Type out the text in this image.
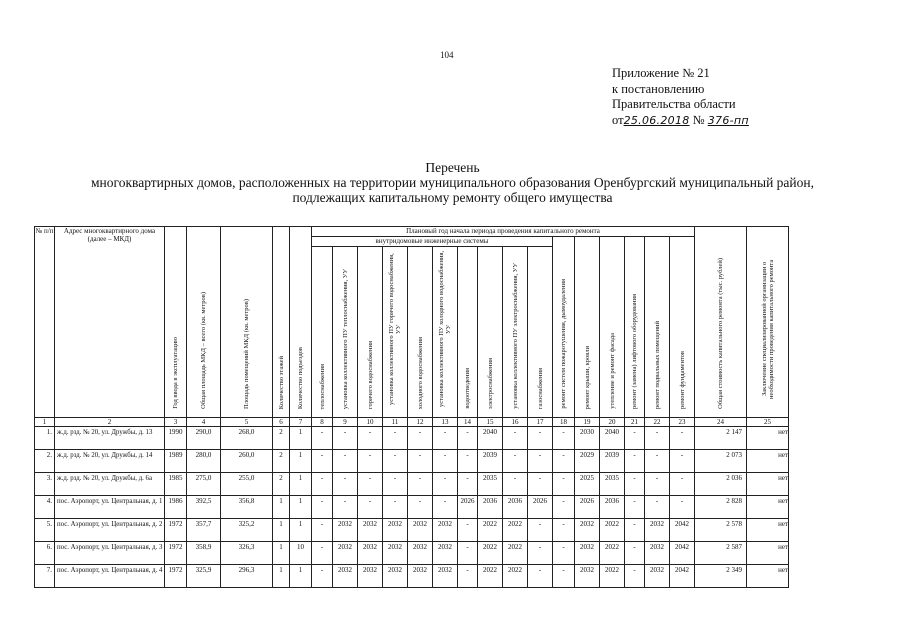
104
Приложение № 21
к постановлению
Правительства области
от25.06.2018 № 376-пп
Перечень
многоквартирных домов, расположенных на территории муниципального образования Оренбургский муниципальный район,
подлежащих капитальному ремонту общего имущества
№ п/п	Адрес многоквартирного дома (далее – МКД)	Год ввода в эксплуатацию	Общая площадь МКД – всего (кв. метров)	Площадь помещений МКД (кв. метров)	Количество этажей	Количество подъездов	Плановый год начала периода проведения капитального ремонта																Общая стоимость капитального ремонта (тыс. рублей)	Заключение специализированной организации о необходимости проведения капитального ремонта
							внутридомовые инженерные системы										ремонт систем пожаротушения, дымоудаления	ремонт крыши, кровли	утепление и ремонт фасада	ремонт (замена) лифтового оборудования	ремонт подвальных помещений	ремонт фундаментов		
							теплоснабжения	установка коллективного ПУ теплоснабжения, УУ	горячего водоснабжения	установка коллективного ПУ горячего водоснабжения, УУ	холодного водоснабжения	установка коллективного ПУ холодного водоснабжения, УУ	водоотведения	электроснабжения	установка коллективного ПУ электроснабжения, УУ	газоснабжения								
1	2	3	4	5	6	7	8	9	10	11	12	13	14	15	16	17	18	19	20	21	22	23	24	25
1.	ж.д. рзд. № 20, ул. Дружбы, д. 13	1990	290,0	268,0	2	1	-	-	-	-	-	-	-	2040	-	-	-	2030	2040	-	-	-	2 147	нет
2.	ж.д. рзд. № 20, ул. Дружбы, д. 14	1989	280,0	260,0	2	1	-	-	-	-	-	-	-	2039	-	-	-	2029	2039	-	-	-	2 073	нет
3.	ж.д. рзд. № 20, ул. Дружбы, д. 6а	1985	275,0	255,0	2	1	-	-	-	-	-	-	-	2035	-	-	-	2025	2035	-	-	-	2 036	нет
4.	пос. Аэропорт, ул. Центральная, д. 1	1986	392,5	356,8	1	1	-	-	-	-	-	-	2026	2036	2036	2026	-	2026	2036	-	-	-	2 828	нет
5.	пос. Аэропорт, ул. Центральная, д. 2	1972	357,7	325,2	1	1	-	2032	2032	2032	2032	2032	-	2022	2022	-	-	2032	2022	-	2032	2042	2 578	нет
6.	пос. Аэропорт, ул. Центральная, д. 3	1972	358,9	326,3	1	10	-	2032	2032	2032	2032	2032	-	2022	2022	-	-	2032	2022	-	2032	2042	2 587	нет
7.	пос. Аэропорт, ул. Центральная, д. 4	1972	325,9	296,3	1	1	-	2032	2032	2032	2032	2032	-	2022	2022	-	-	2032	2022	-	2032	2042	2 349	нет
